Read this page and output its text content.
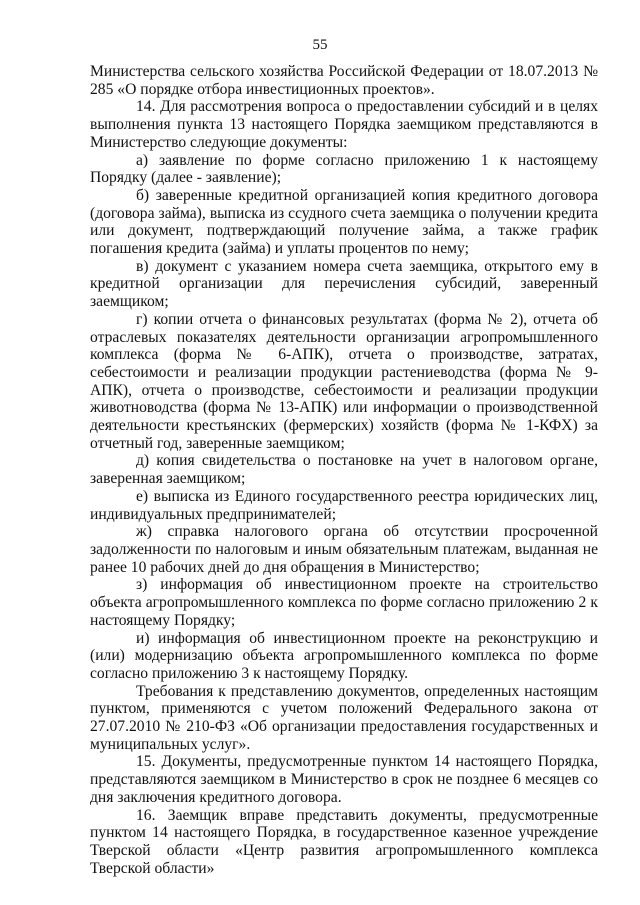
55

Министерства сельского хозяйства Российской Федерации от 18.07.2013 № 285 «О порядке отбора инвестиционных проектов».

14. Для рассмотрения вопроса о предоставлении субсидий и в целях выполнения пункта 13 настоящего Порядка заемщиком представляются в Министерство следующие документы:

а) заявление по форме согласно приложению 1 к настоящему Порядку (далее - заявление);

б) заверенные кредитной организацией копия кредитного договора (договора займа), выписка из ссудного счета заемщика о получении кредита или документ, подтверждающий получение займа, а также график погашения кредита (займа) и уплаты процентов по нему;

в) документ с указанием номера счета заемщика, открытого ему в кредитной организации для перечисления субсидий, заверенный заемщиком;

г) копии отчета о финансовых результатах (форма № 2), отчета об отраслевых показателях деятельности организации агропромышленного комплекса (форма № 6-АПК), отчета о производстве, затратах, себестоимости и реализации продукции растениеводства (форма № 9-АПК), отчета о производстве, себестоимости и реализации продукции животноводства (форма № 13-АПК) или информации о производственной деятельности крестьянских (фермерских) хозяйств (форма № 1-КФХ) за отчетный год, заверенные заемщиком;

д) копия свидетельства о постановке на учет в налоговом органе, заверенная заемщиком;

е) выписка из Единого государственного реестра юридических лиц, индивидуальных предпринимателей;

ж) справка налогового органа об отсутствии просроченной задолженности по налоговым и иным обязательным платежам, выданная не ранее 10 рабочих дней до дня обращения в Министерство;

з) информация об инвестиционном проекте на строительство объекта агропромышленного комплекса по форме согласно приложению 2 к настоящему Порядку;

и) информация об инвестиционном проекте на реконструкцию и (или) модернизацию объекта агропромышленного комплекса по форме согласно приложению 3 к настоящему Порядку.

Требования к представлению документов, определенных настоящим пунктом, применяются с учетом положений Федерального закона от 27.07.2010 № 210-ФЗ «Об организации предоставления государственных и муниципальных услуг».

15. Документы, предусмотренные пунктом 14 настоящего Порядка, представляются заемщиком в Министерство в срок не позднее 6 месяцев со дня заключения кредитного договора.

16. Заемщик вправе представить документы, предусмотренные пунктом 14 настоящего Порядка, в государственное казенное учреждение Тверской области «Центр развития агропромышленного комплекса Тверской области»
